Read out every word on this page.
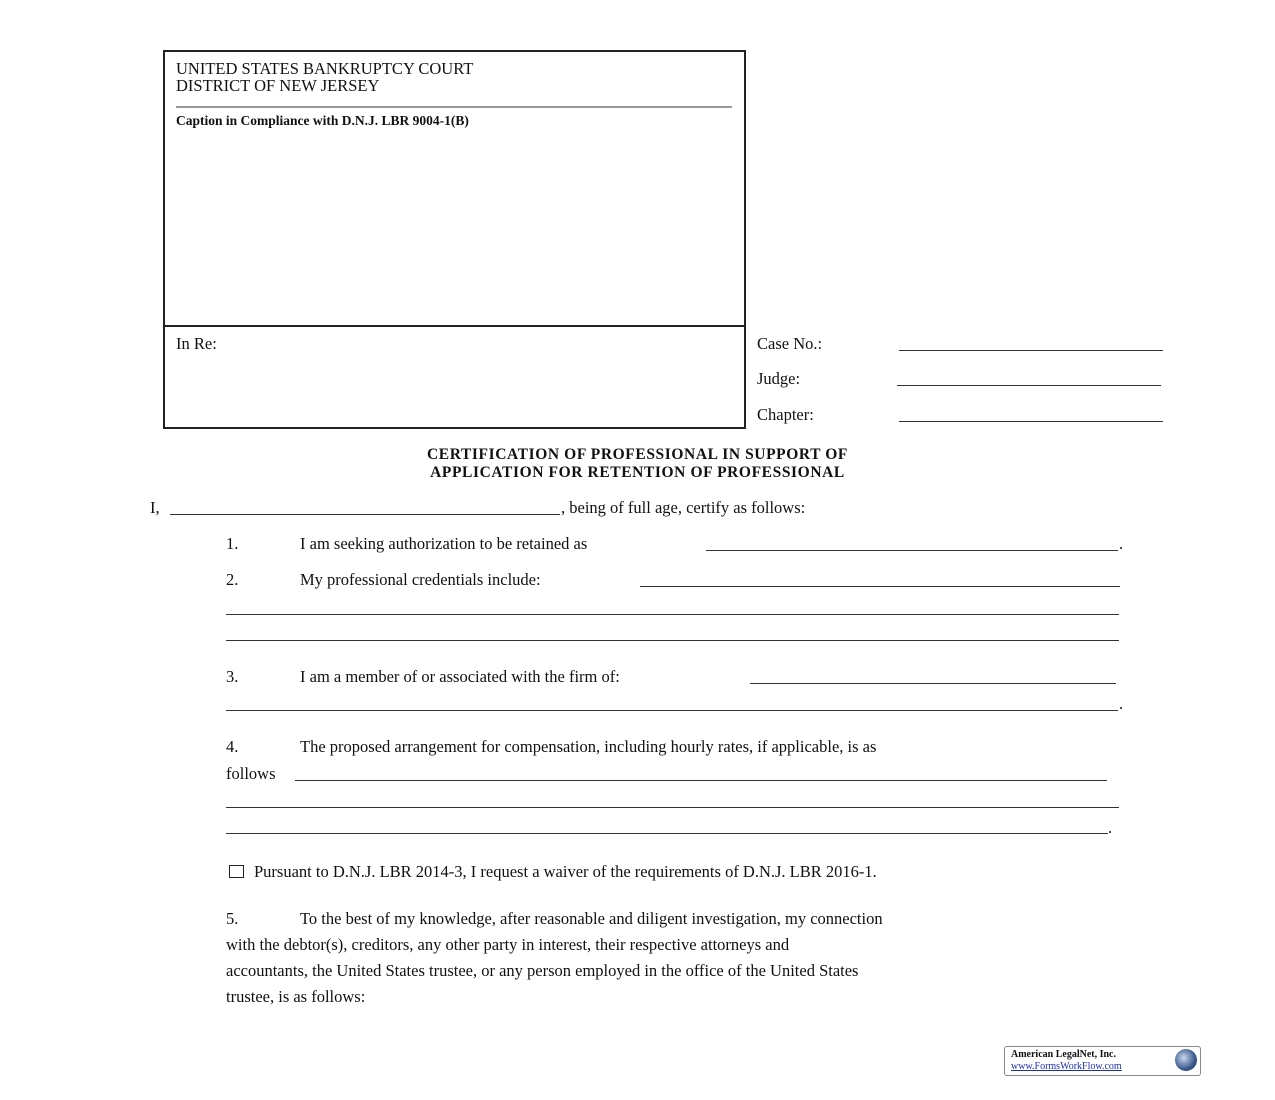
UNITED STATES BANKRUPTCY COURT
DISTRICT OF NEW JERSEY
Caption in Compliance with D.N.J. LBR 9004-1(B)
In Re:	Case No.:
Judge:
Chapter:
CERTIFICATION OF PROFESSIONAL IN SUPPORT OF
APPLICATION FOR RETENTION OF PROFESSIONAL
I,	, being of full age, certify as follows:
1.	I am seeking authorization to be retained as	.
2.	My professional credentials include:
3.	I am a member of or associated with the firm of:
.
4.	The proposed arrangement for compensation, including hourly rates, if applicable, is as
follows
.
Pursuant to D.N.J. LBR 2014-3, I request a waiver of the requirements of D.N.J. LBR 2016-1.
5.	To the best of my knowledge, after reasonable and diligent investigation, my connection
with the debtor(s), creditors, any other party in interest, their respective attorneys and
accountants, the United States trustee, or any person employed in the office of the United States
trustee, is as follows:
American LegalNet, Inc.
www.FormsWorkFlow.com
